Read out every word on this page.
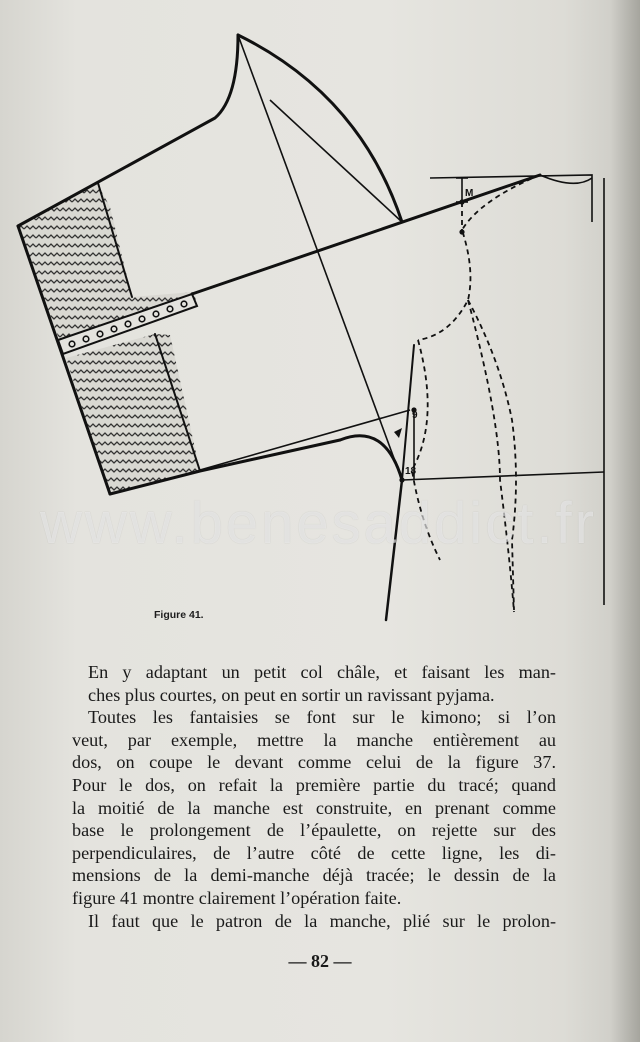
M
9
18
www.benesaddict.fr
Figure 41.

En y adaptant un petit col châle, et faisant les man-
ches plus courtes, on peut en sortir un ravissant pyjama.

Toutes les fantaisies se font sur le kimono; si l’on
veut, par exemple, mettre la manche entièrement au
dos, on coupe le devant comme celui de la figure 37.
Pour le dos, on refait la première partie du tracé; quand
la moitié de la manche est construite, en prenant comme
base le prolongement de l’épaulette, on rejette sur des
perpendiculaires, de l’autre côté de cette ligne, les di-
mensions de la demi-manche déjà tracée; le dessin de la
figure 41 montre clairement l’opération faite.

Il faut que le patron de la manche, plié sur le prolon-

— 82 —
